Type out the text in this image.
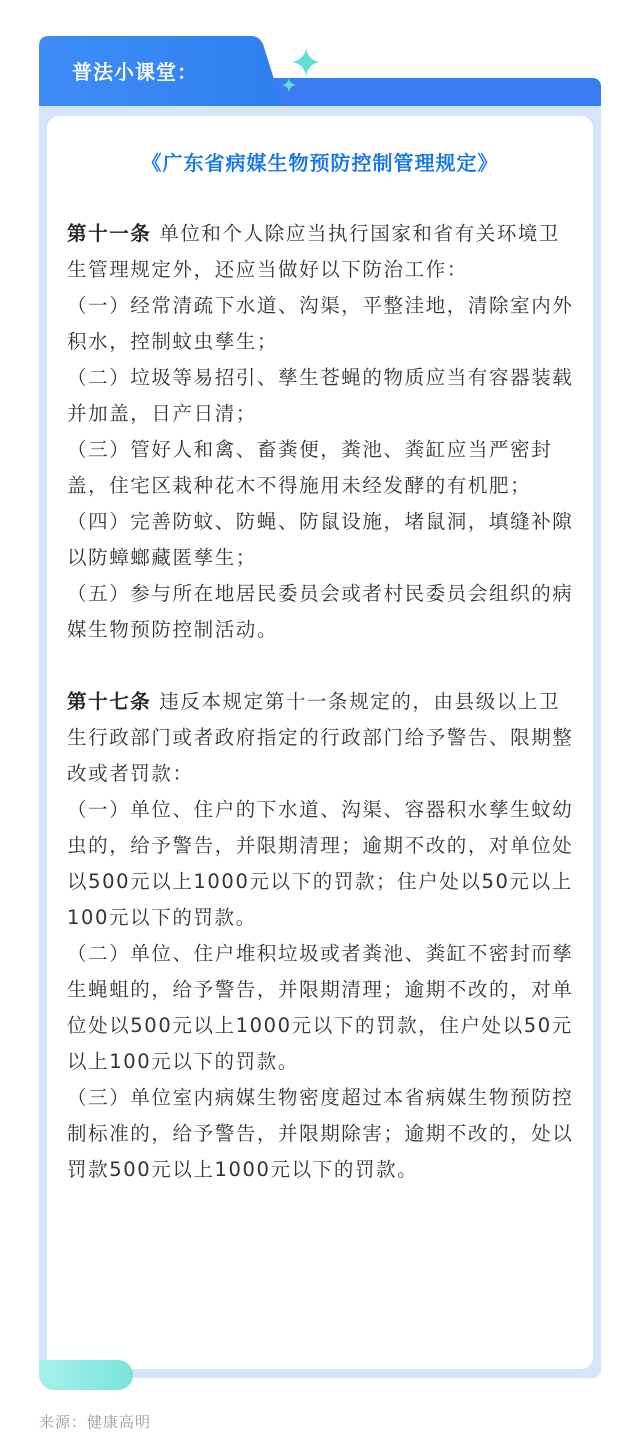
普法小课堂：
《广东省病媒生物预防控制管理规定》

第十一条 单位和个人除应当执行国家和省有关环境卫生管理规定外，还应当做好以下防治工作：

（一）经常清疏下水道、沟渠，平整洼地，清除室内外积水，控制蚊虫孳生；

（二）垃圾等易招引、孳生苍蝇的物质应当有容器装载并加盖，日产日清；

（三）管好人和禽、畜粪便，粪池、粪缸应当严密封盖，住宅区栽种花木不得施用未经发酵的有机肥；

（四）完善防蚊、防蝇、防鼠设施，堵鼠洞，填缝补隙以防蟑螂藏匿孳生；

（五）参与所在地居民委员会或者村民委员会组织的病媒生物预防控制活动。

第十七条 违反本规定第十一条规定的，由县级以上卫生行政部门或者政府指定的行政部门给予警告、限期整改或者罚款：

（一）单位、住户的下水道、沟渠、容器积水孳生蚊幼虫的，给予警告，并限期清理；逾期不改的，对单位处以500元以上1000元以下的罚款；住户处以50元以上100元以下的罚款。

（二）单位、住户堆积垃圾或者粪池、粪缸不密封而孳生蝇蛆的，给予警告，并限期清理；逾期不改的，对单位处以500元以上1000元以下的罚款，住户处以50元以上100元以下的罚款。

（三）单位室内病媒生物密度超过本省病媒生物预防控制标准的，给予警告，并限期除害；逾期不改的，处以罚款500元以上1000元以下的罚款。

来源：健康高明
